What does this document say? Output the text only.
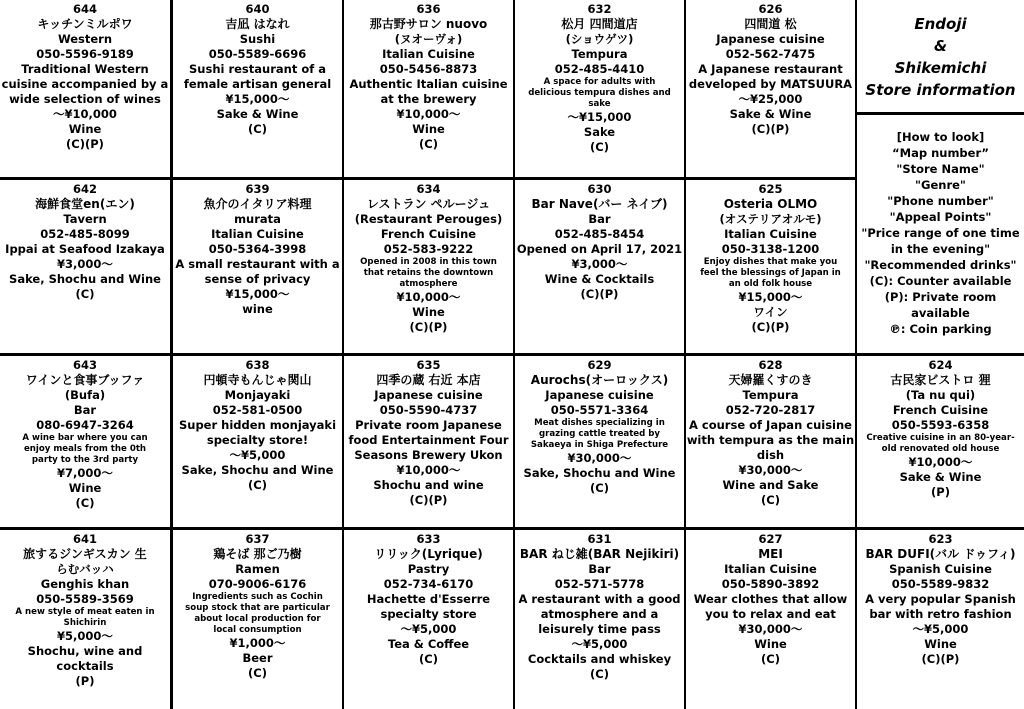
Endoji
&
Shikemichi
Store information
[How to look]
“Map number”
"Store Name"
"Genre"
"Phone number"
"Appeal Points"
"Price range of one time
in the evening"
"Recommended drinks"
(C): Counter available
(P): Private room available
℗: Coin parking
644
キッチンミルポワ
Western
050-5596-9189
Traditional Western
cuisine accompanied by a
wide selection of wines
〜¥10,000
Wine
(C)(P)
640
吉凪 はなれ
Sushi
050-5589-6696
Sushi restaurant of a
female artisan general
¥15,000〜
Sake & Wine
(C)
636
那古野サロン nuovo
(ヌオーヴォ)
Italian Cuisine
050-5456-8873
Authentic Italian cuisine
at the brewery
¥10,000〜
Wine
(C)
632
松月 四間道店
(ショウゲツ)
Tempura
052-485-4410
A space for adults with
delicious tempura dishes and
sake
〜¥15,000
Sake
(C)
626
四間道 松
Japanese cuisine
052-562-7475
A Japanese restaurant
developed by MATSUURA
〜¥25,000
Sake & Wine
(C)(P)
642
海鮮食堂en(エン)
Tavern
052-485-8099
Ippai at Seafood Izakaya
¥3,000〜
Sake, Shochu and Wine
(C)
639
魚介のイタリア料理
murata
Italian Cuisine
050-5364-3998
A small restaurant with a
sense of privacy
¥15,000〜
wine
634
レストラン ペルージュ
(Restaurant Perouges)
French Cuisine
052-583-9222
Opened in 2008 in this town
that retains the downtown
atmosphere
¥10,000〜
Wine
(C)(P)
630
Bar Nave(バー ネイブ)
Bar
052-485-8454
Opened on April 17, 2021
¥3,000〜
Wine & Cocktails
(C)(P)
625
Osteria OLMO
(オステリアオルモ)
Italian Cuisine
050-3138-1200
Enjoy dishes that make you
feel the blessings of Japan in
an old folk house
¥15,000〜
ワイン
(C)(P)
643
ワインと食事ブッファ
(Bufa)
Bar
080-6947-3264
A wine bar where you can
enjoy meals from the 0th
party to the 3rd party
¥7,000〜
Wine
(C)
638
円頓寺もんじゃ関山
Monjayaki
052-581-0500
Super hidden monjayaki
specialty store!
〜¥5,000
Sake, Shochu and Wine
(C)
635
四季の蔵 右近 本店
Japanese cuisine
050-5590-4737
Private room Japanese
food Entertainment Four
Seasons Brewery Ukon
¥10,000〜
Shochu and wine
(C)(P)
629
Aurochs(オーロックス)
Japanese cuisine
050-5571-3364
Meat dishes specializing in
grazing cattle treated by
Sakaeya in Shiga Prefecture
¥30,000〜
Sake, Shochu and Wine
(C)
628
天婦羅くすのき
Tempura
052-720-2817
A course of Japan cuisine
with tempura as the main
dish
¥30,000〜
Wine and Sake
(C)
624
古民家ビストロ 狸
(Ta nu qui)
French Cuisine
050-5593-6358
Creative cuisine in an 80-year-
old renovated old house
¥10,000〜
Sake & Wine
(P)
641
旅するジンギスカン 生
らむバッハ
Genghis khan
050-5589-3569
A new style of meat eaten in
Shichirin
¥5,000〜
Shochu, wine and
cocktails
(P)
637
鶏そば 那ご乃樹
Ramen
070-9006-6176
Ingredients such as Cochin
soup stock that are particular
about local production for
local consumption
¥1,000〜
Beer
(C)
633
リリック(Lyrique)
Pastry
052-734-6170
Hachette d'Esserre
specialty store
〜¥5,000
Tea & Coffee
(C)
631
BAR ねじ雑(BAR Nejikiri)
Bar
052-571-5778
A restaurant with a good
atmosphere and a
leisurely time pass
〜¥5,000
Cocktails and whiskey
(C)
627
MEI
Italian Cuisine
050-5890-3892
Wear clothes that allow
you to relax and eat
¥30,000〜
Wine
(C)
623
BAR DUFI(バル ドゥフィ)
Spanish Cuisine
050-5589-9832
A very popular Spanish
bar with retro fashion
〜¥5,000
Wine
(C)(P)
